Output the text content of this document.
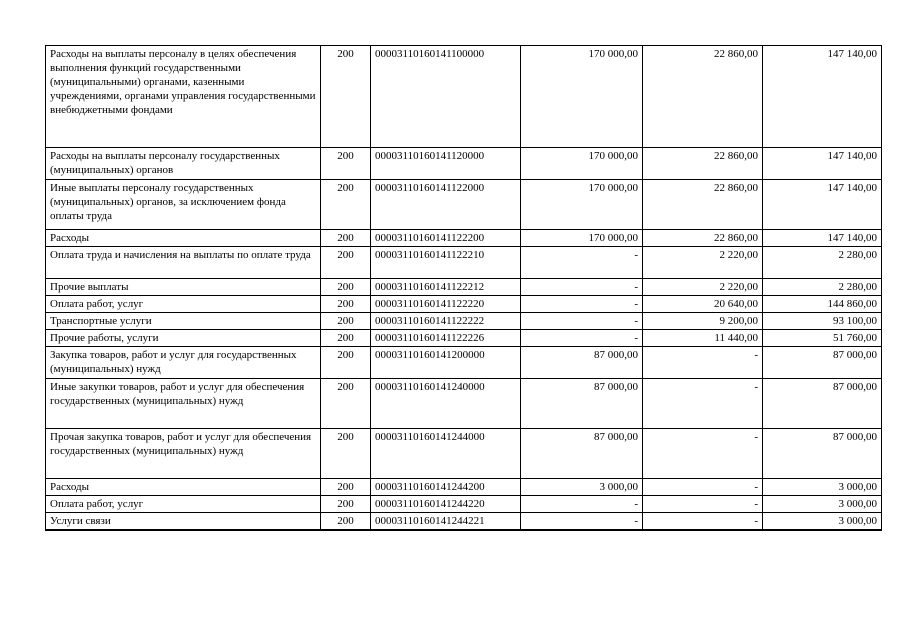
Расходы на выплаты персоналу в целях обеспечения выполнения функций государственными (муниципальными) органами, казенными учреждениями, органами управления государственными внебюджетными фондами	200	00003110160141100000	170 000,00	22 860,00	147 140,00
Расходы на выплаты персоналу государственных (муниципальных) органов	200	00003110160141120000	170 000,00	22 860,00	147 140,00
Иные выплаты персоналу государственных (муниципальных) органов, за исключением фонда оплаты труда	200	00003110160141122000	170 000,00	22 860,00	147 140,00
Расходы	200	00003110160141122200	170 000,00	22 860,00	147 140,00
Оплата труда и начисления на выплаты по оплате труда	200	00003110160141122210	-	2 220,00	2 280,00
Прочие выплаты	200	00003110160141122212	-	2 220,00	2 280,00
Оплата работ, услуг	200	00003110160141122220	-	20 640,00	144 860,00
Транспортные услуги	200	00003110160141122222	-	9 200,00	93 100,00
Прочие работы, услуги	200	00003110160141122226	-	11 440,00	51 760,00
Закупка товаров, работ и услуг для государственных (муниципальных) нужд	200	00003110160141200000	87 000,00	-	87 000,00
Иные закупки товаров, работ и услуг для обеспечения государственных (муниципальных) нужд	200	00003110160141240000	87 000,00	-	87 000,00
Прочая закупка товаров, работ и услуг для обеспечения государственных (муниципальных) нужд	200	00003110160141244000	87 000,00	-	87 000,00
Расходы	200	00003110160141244200	3 000,00	-	3 000,00
Оплата работ, услуг	200	00003110160141244220	-	-	3 000,00
Услуги связи	200	00003110160141244221	-	-	3 000,00
